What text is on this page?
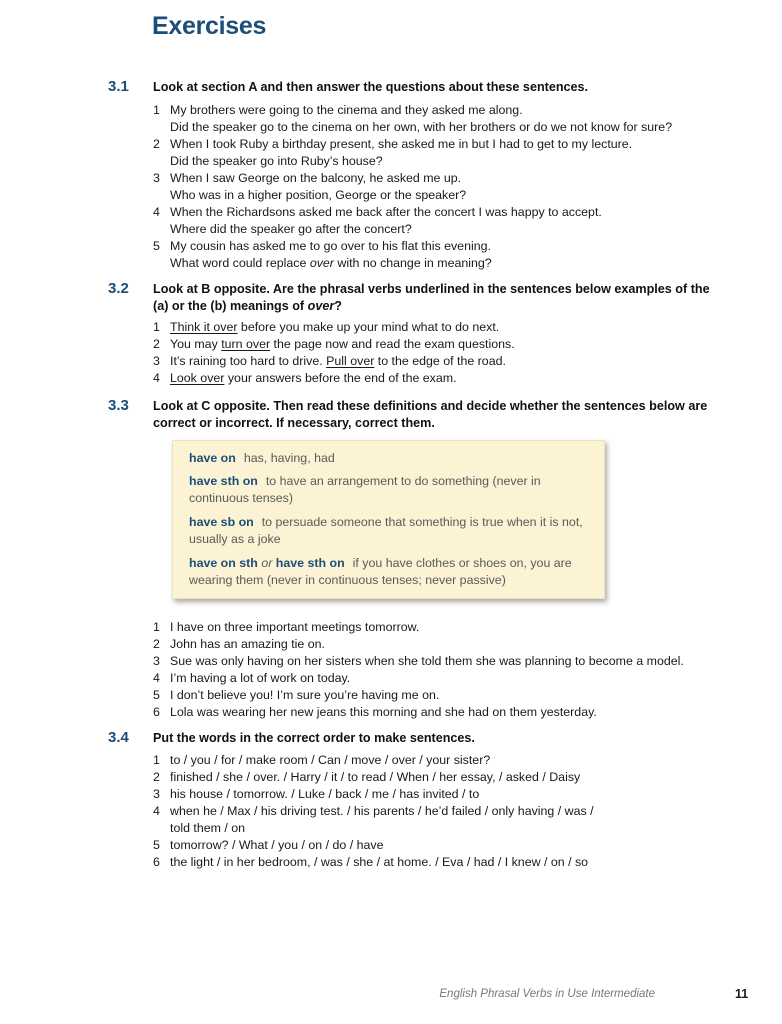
Exercises
3.1 Look at section A and then answer the questions about these sentences.
1 My brothers were going to the cinema and they asked me along.
Did the speaker go to the cinema on her own, with her brothers or do we not know for sure?
2 When I took Ruby a birthday present, she asked me in but I had to get to my lecture.
Did the speaker go into Ruby’s house?
3 When I saw George on the balcony, he asked me up.
Who was in a higher position, George or the speaker?
4 When the Richardsons asked me back after the concert I was happy to accept.
Where did the speaker go after the concert?
5 My cousin has asked me to go over to his flat this evening.
What word could replace over with no change in meaning?
3.2 Look at B opposite. Are the phrasal verbs underlined in the sentences below examples of the
(a) or the (b) meanings of over?
1 Think it over before you make up your mind what to do next.
2 You may turn over the page now and read the exam questions.
3 It’s raining too hard to drive. Pull over to the edge of the road.
4 Look over your answers before the end of the exam.
3.3 Look at C opposite. Then read these definitions and decide whether the sentences below are
correct or incorrect. If necessary, correct them.
have on has, having, had
have sth on to have an arrangement to do something (never in continuous tenses)
have sb on to persuade someone that something is true when it is not, usually as a joke
have on sth or have sth on if you have clothes or shoes on, you are wearing them (never in continuous tenses; never passive)
1 I have on three important meetings tomorrow.
2 John has an amazing tie on.
3 Sue was only having on her sisters when she told them she was planning to become a model.
4 I’m having a lot of work on today.
5 I don’t believe you! I’m sure you’re having me on.
6 Lola was wearing her new jeans this morning and she had on them yesterday.
3.4 Put the words in the correct order to make sentences.
1 to / you / for / make room / Can / move / over / your sister?
2 finished / she / over. / Harry / it / to read / When / her essay, / asked / Daisy
3 his house / tomorrow. / Luke / back / me / has invited / to
4 when he / Max / his driving test. / his parents / he’d failed / only having / was /
told them / on
5 tomorrow? / What / you / on / do / have
6 the light / in her bedroom, / was / she / at home. / Eva / had / I knew / on / so
English Phrasal Verbs in Use Intermediate	11
